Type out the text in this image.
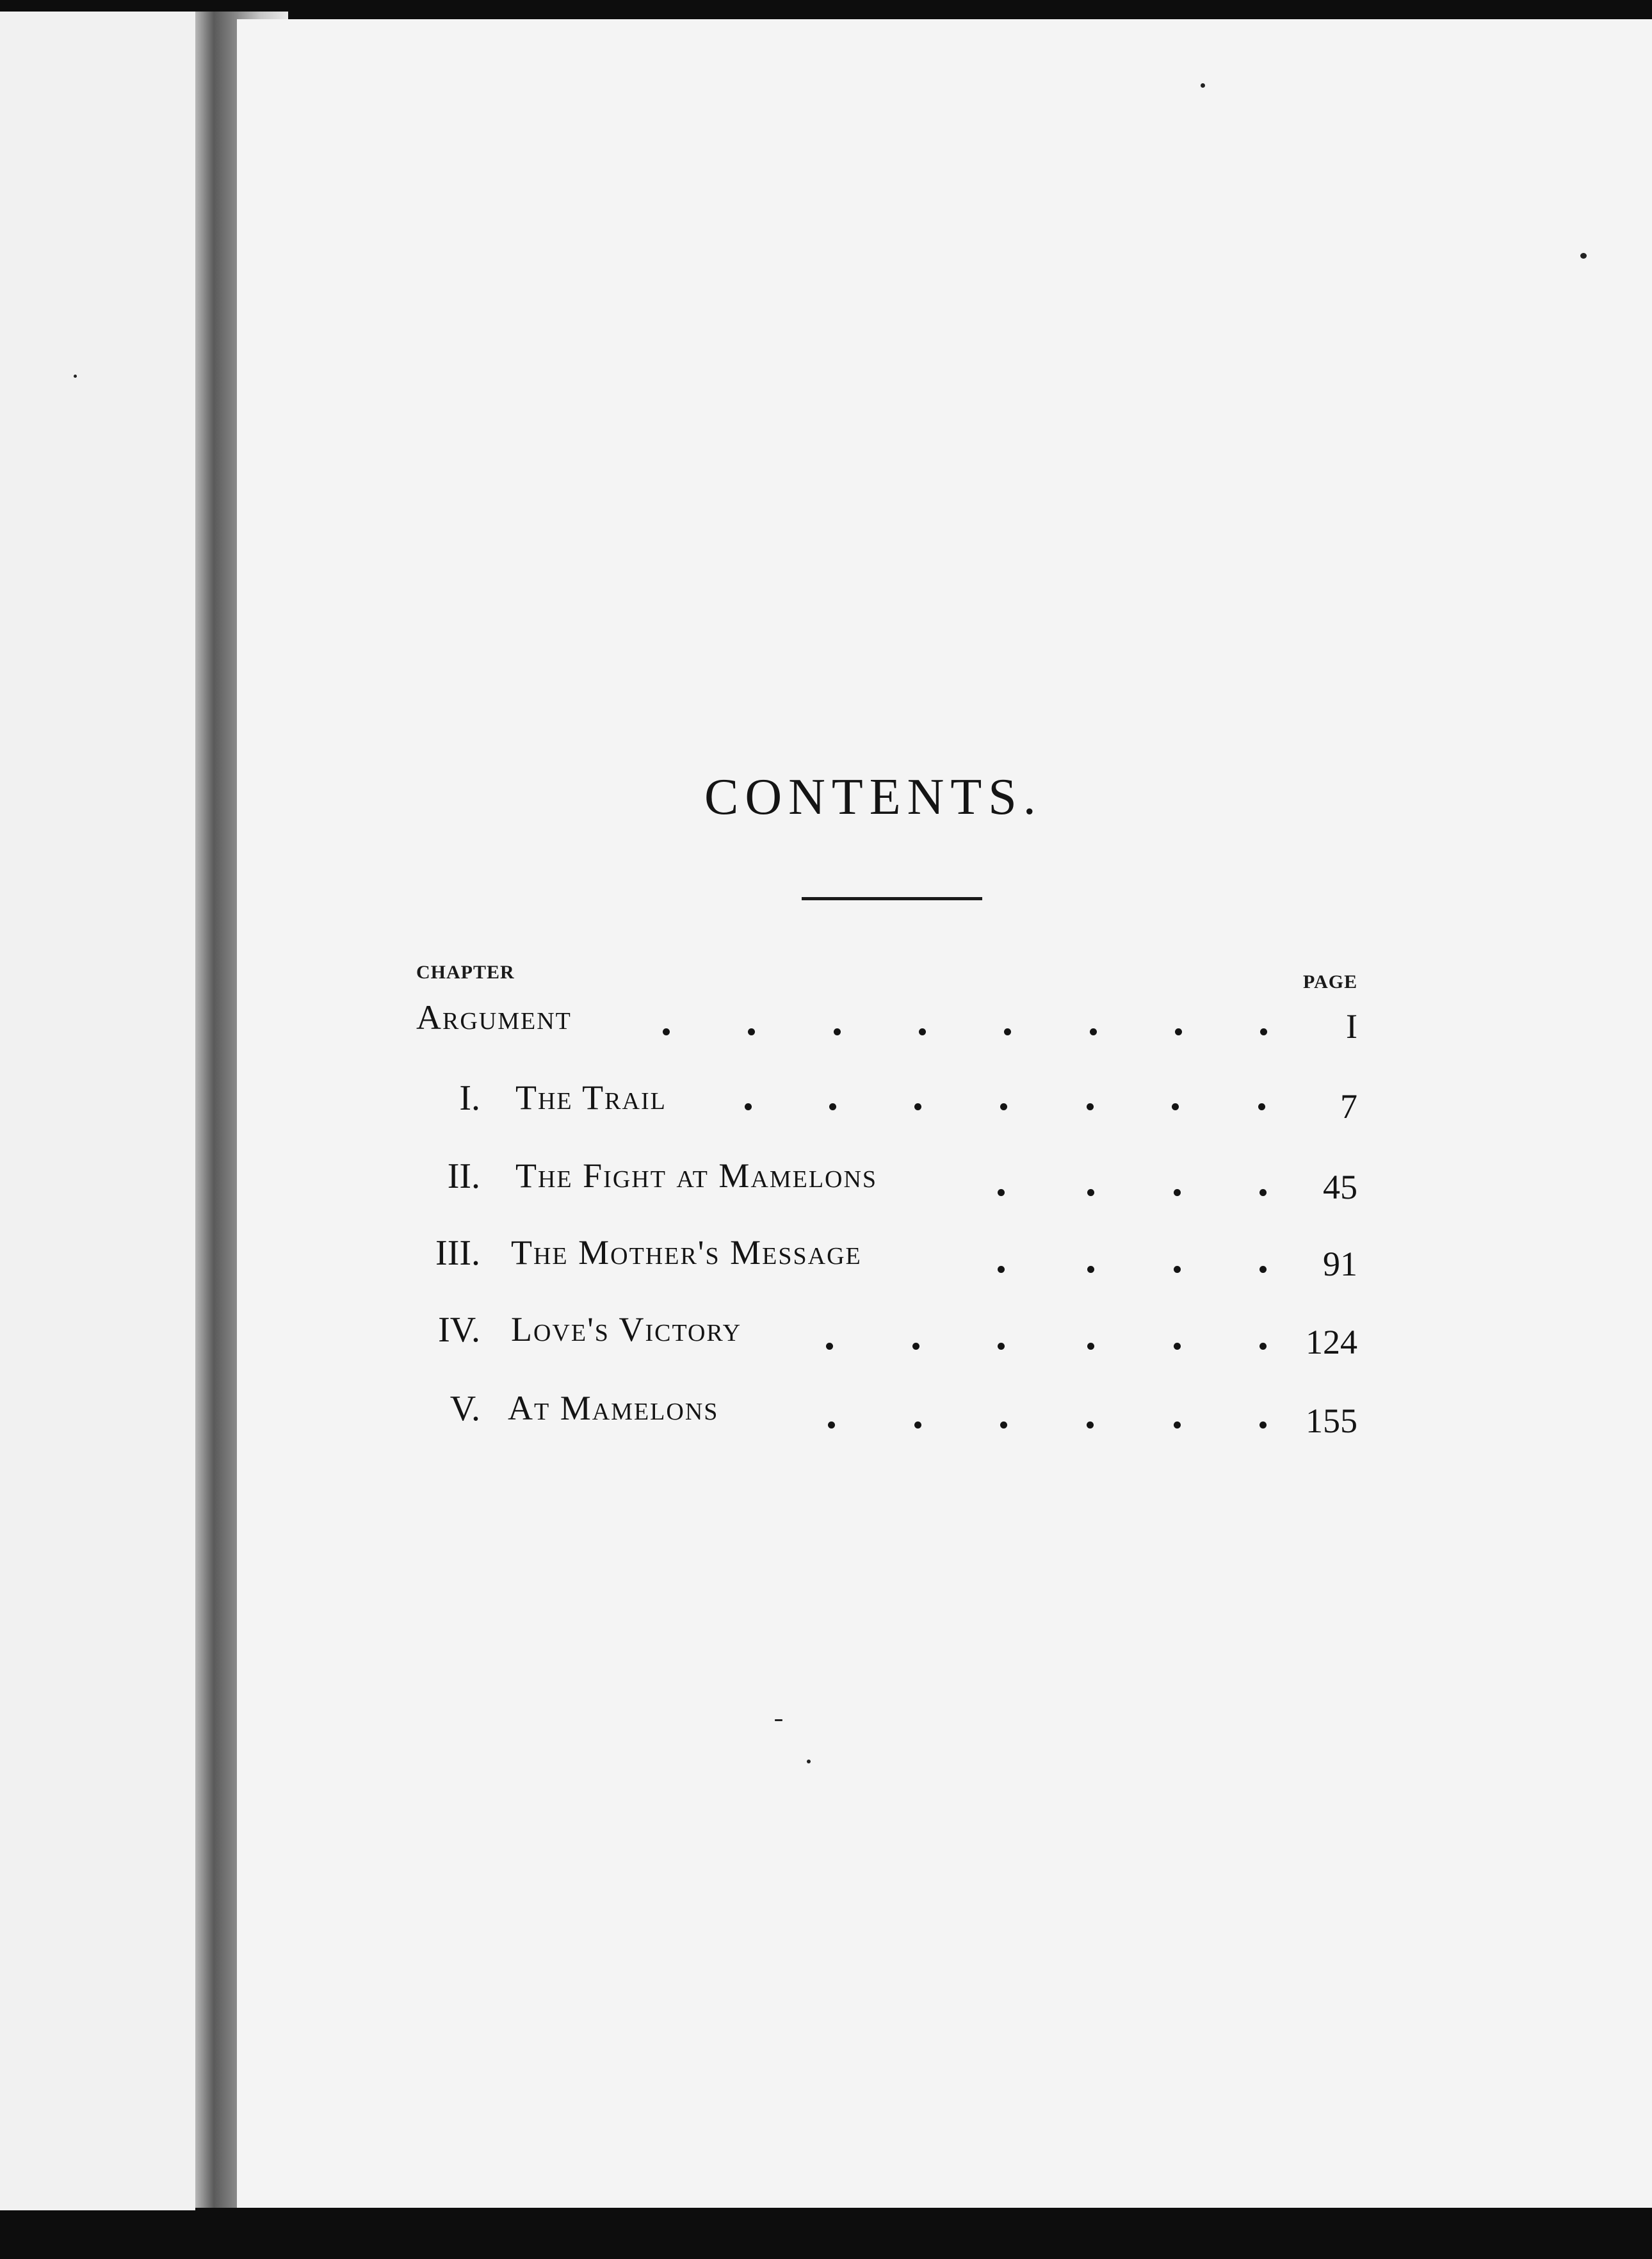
CONTENTS.
CHAPTER	PAGE
Argument	I
I. The Trail	7
II. The Fight at Mamelons	45
III. The Mother's Message	91
IV. Love's Victory	124
V. At Mamelons	155
